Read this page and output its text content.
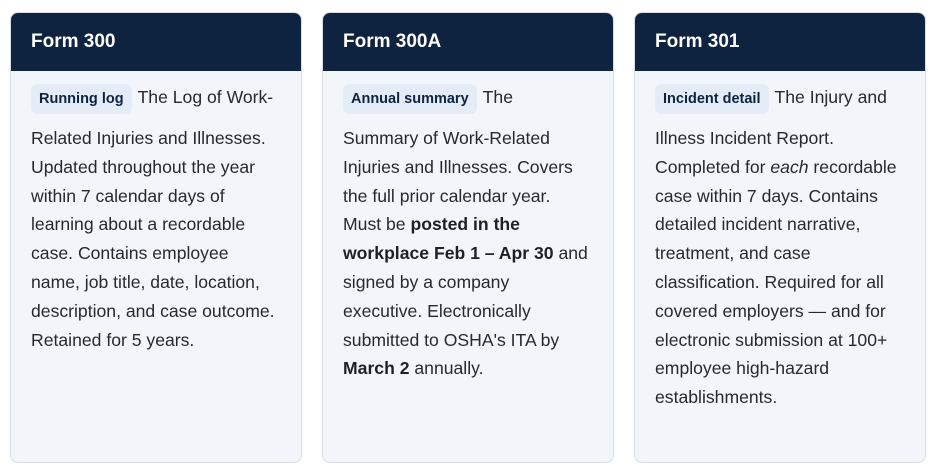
Form 300
Running log The Log of Work-Related Injuries and Illnesses. Updated throughout the year within 7 calendar days of learning about a recordable case. Contains employee name, job title, date, location, description, and case outcome. Retained for 5 years.
Form 300A
Annual summary The Summary of Work-Related Injuries and Illnesses. Covers the full prior calendar year. Must be posted in the workplace Feb 1 – Apr 30 and signed by a company executive. Electronically submitted to OSHA's ITA by March 2 annually.
Form 301
Incident detail The Injury and Illness Incident Report. Completed for each recordable case within 7 days. Contains detailed incident narrative, treatment, and case classification. Required for all covered employers — and for electronic submission at 100+ employee high-hazard establishments.
